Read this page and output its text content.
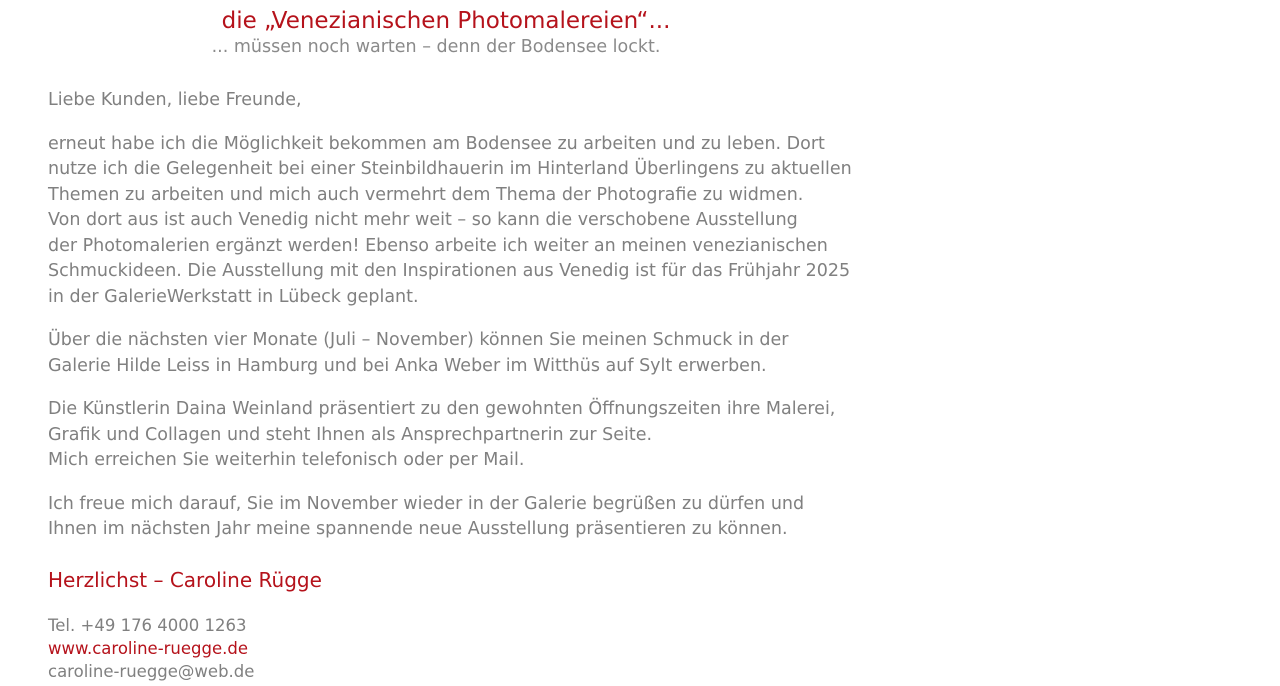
die „Venezianischen Photomalereien“...
... müssen noch warten – denn der Bodensee lockt.

Liebe Kunden, liebe Freunde,

erneut habe ich die Möglichkeit bekommen am Bodensee zu arbeiten und zu leben. Dort
nutze ich die Gelegenheit bei einer Steinbildhauerin im Hinterland Überlingens zu aktuellen
Themen zu arbeiten und mich auch vermehrt dem Thema der Photografie zu widmen.
Von dort aus ist auch Venedig nicht mehr weit – so kann die verschobene Ausstellung
der Photomalerien ergänzt werden! Ebenso arbeite ich weiter an meinen venezianischen
Schmuckideen. Die Ausstellung mit den Inspirationen aus Venedig ist für das Frühjahr 2025
in der GalerieWerkstatt in Lübeck geplant.

Über die nächsten vier Monate (Juli – November) können Sie meinen Schmuck in der
Galerie Hilde Leiss in Hamburg und bei Anka Weber im Witthüs auf Sylt erwerben.

Die Künstlerin Daina Weinland präsentiert zu den gewohnten Öffnungszeiten ihre Malerei,
Grafik und Collagen und steht Ihnen als Ansprechpartnerin zur Seite.
Mich erreichen Sie weiterhin telefonisch oder per Mail.

Ich freue mich darauf, Sie im November wieder in der Galerie begrüßen zu dürfen und
Ihnen im nächsten Jahr meine spannende neue Ausstellung präsentieren zu können.

Herzlichst – Caroline Rügge
Tel. +49 176 4000 1263
www.caroline-ruegge.de
caroline-ruegge@web.de
